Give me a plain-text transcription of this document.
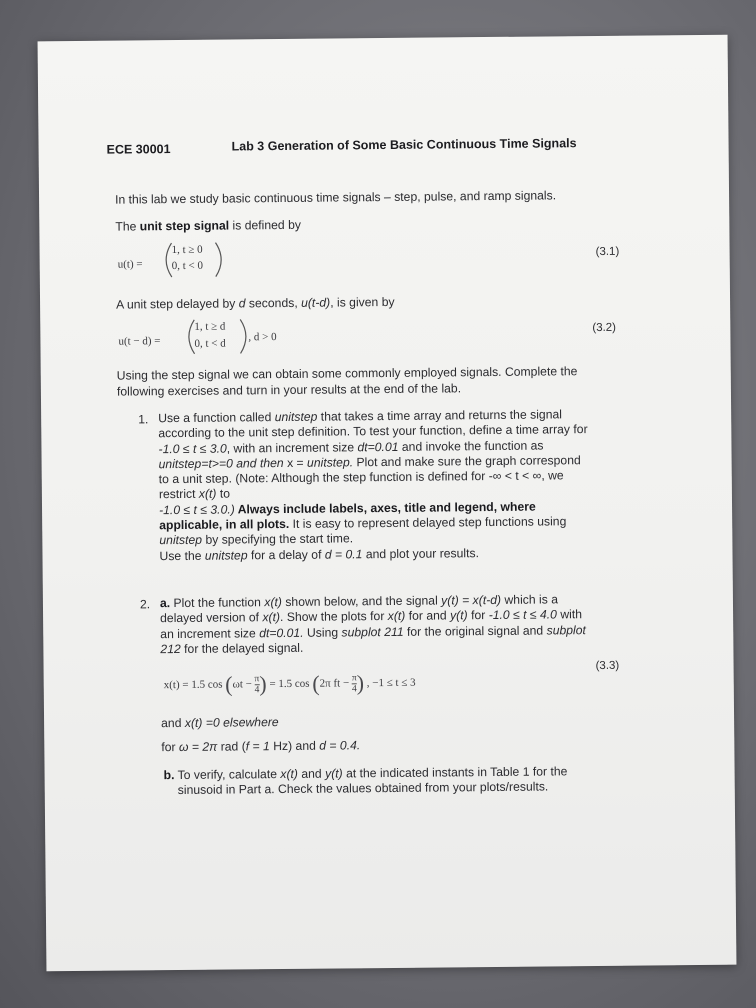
ECE 30001	Lab 3 Generation of Some Basic Continuous Time Signals
In this lab we study basic continuous time signals – step, pulse, and ramp signals.
The unit step signal is defined by
u(t) =
1, t ≥ 0
0, t < 0
(3.1)
A unit step delayed by d seconds, u(t-d), is given by
u(t − d) =
1, t ≥ d
0, t < d
, d > 0
(3.2)
Using the step signal we can obtain some commonly employed signals. Complete the
following exercises and turn in your results at the end of the lab.
1. Use a function called unitstep that takes a time array and returns the signal
according to the unit step definition. To test your function, define a time array for
-1.0 ≤ t ≤ 3.0, with an increment size dt=0.01 and invoke the function as
unitstep=t>=0 and then x = unitstep. Plot and make sure the graph correspond
to a unit step. (Note: Although the step function is defined for -∞ < t < ∞, we
restrict x(t) to
-1.0 ≤ t ≤ 3.0.) Always include labels, axes, title and legend, where
applicable, in all plots. It is easy to represent delayed step functions using
unitstep by specifying the start time.
Use the unitstep for a delay of d = 0.1 and plot your results.
2. a. Plot the function x(t) shown below, and the signal y(t) = x(t-d) which is a
delayed version of x(t). Show the plots for x(t) for and y(t) for -1.0 ≤ t ≤ 4.0 with
an increment size dt=0.01. Using subplot 211 for the original signal and subplot
212 for the delayed signal.
x(t) = 1.5 $\cos (\omega t - \frac{\pi}{4}$ ) = 1.5 cos (2π ft − $\frac{\pi}{4}$ ) , −1 ≤ t ≤ 3
(3.3)
and x(t) =0 elsewhere
for ω = 2π rad (f = 1 Hz) and d = 0.4.
b. To verify, calculate x(t) and y(t) at the indicated instants in Table 1 for the
sinusoid in Part a. Check the values obtained from your plots/results.
